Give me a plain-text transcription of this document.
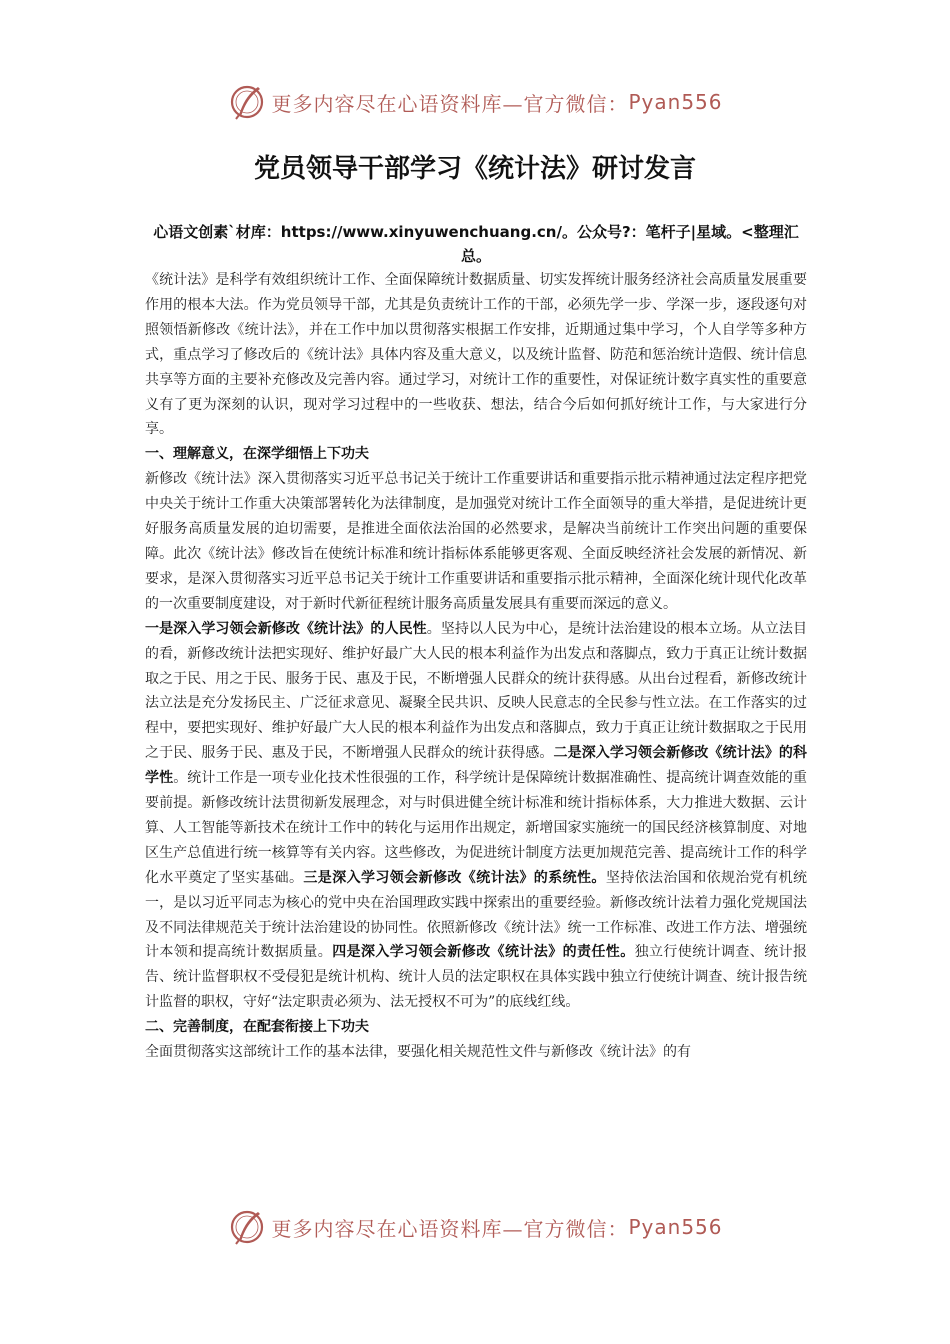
更多内容尽在心语资料库—官方微信： Pyan556
党员领导干部学习《统计法》研讨发言
心语文创素`材库：https://www.xinyuwenchuang.cn/。公众号?：笔杆子|星域。<整理汇总。

《统计法》是科学有效组织统计工作、全面保障统计数据质量、切实发挥统计服务经济社会高质量发展重要作用的根本大法。作为党员领导干部，尤其是负责统计工作的干部，必须先学一步、学深一步，逐段逐句对照领悟新修改《统计法》，并在工作中加以贯彻落实根据工作安排，近期通过集中学习，个人自学等多种方式，重点学习了修改后的《统计法》具体内容及重大意义，以及统计监督、防范和惩治统计造假、统计信息共享等方面的主要补充修改及完善内容。通过学习，对统计工作的重要性，对保证统计数字真实性的重要意义有了更为深刻的认识，现对学习过程中的一些收获、想法，结合今后如何抓好统计工作，与大家进行分享。

一、理解意义，在深学细悟上下功夫

新修改《统计法》深入贯彻落实习近平总书记关于统计工作重要讲话和重要指示批示精神通过法定程序把党中央关于统计工作重大决策部署转化为法律制度，是加强党对统计工作全面领导的重大举措，是促进统计更好服务高质量发展的迫切需要，是推进全面依法治国的必然要求，是解决当前统计工作突出问题的重要保障。此次《统计法》修改旨在使统计标准和统计指标体系能够更客观、全面反映经济社会发展的新情况、新要求，是深入贯彻落实习近平总书记关于统计工作重要讲话和重要指示批示精神，全面深化统计现代化改革的一次重要制度建设，对于新时代新征程统计服务高质量发展具有重要而深远的意义。

一是深入学习领会新修改《统计法》的人民性。坚持以人民为中心，是统计法治建设的根本立场。从立法目的看，新修改统计法把实现好、维护好最广大人民的根本利益作为出发点和落脚点，致力于真正让统计数据取之于民、用之于民、服务于民、惠及于民，不断增强人民群众的统计获得感。从出台过程看，新修改统计法立法是充分发扬民主、广泛征求意见、凝聚全民共识、反映人民意志的全民参与性立法。在工作落实的过程中，要把实现好、维护好最广大人民的根本利益作为出发点和落脚点，致力于真正让统计数据取之于民用之于民、服务于民、惠及于民，不断增强人民群众的统计获得感。二是深入学习领会新修改《统计法》的科学性。统计工作是一项专业化技术性很强的工作，科学统计是保障统计数据准确性、提高统计调查效能的重要前提。新修改统计法贯彻新发展理念，对与时俱进健全统计标准和统计指标体系，大力推进大数据、云计算、人工智能等新技术在统计工作中的转化与运用作出规定，新增国家实施统一的国民经济核算制度、对地区生产总值进行统一核算等有关内容。这些修改，为促进统计制度方法更加规范完善、提高统计工作的科学化水平奠定了坚实基础。三是深入学习领会新修改《统计法》的系统性。坚持依法治国和依规治党有机统一，是以习近平同志为核心的党中央在治国理政实践中探索出的重要经验。新修改统计法着力强化党规国法及不同法律规范关于统计法治建设的协同性。依照新修改《统计法》统一工作标准、改进工作方法、增强统计本领和提高统计数据质量。四是深入学习领会新修改《统计法》的责任性。独立行使统计调查、统计报告、统计监督职权不受侵犯是统计机构、统计人员的法定职权在具体实践中独立行使统计调查、统计报告统计监督的职权，守好“法定职责必须为、法无授权不可为”的底线红线。

二、完善制度，在配套衔接上下功夫

全面贯彻落实这部统计工作的基本法律，要强化相关规范性文件与新修改《统计法》的有

更多内容尽在心语资料库—官方微信： Pyan556
